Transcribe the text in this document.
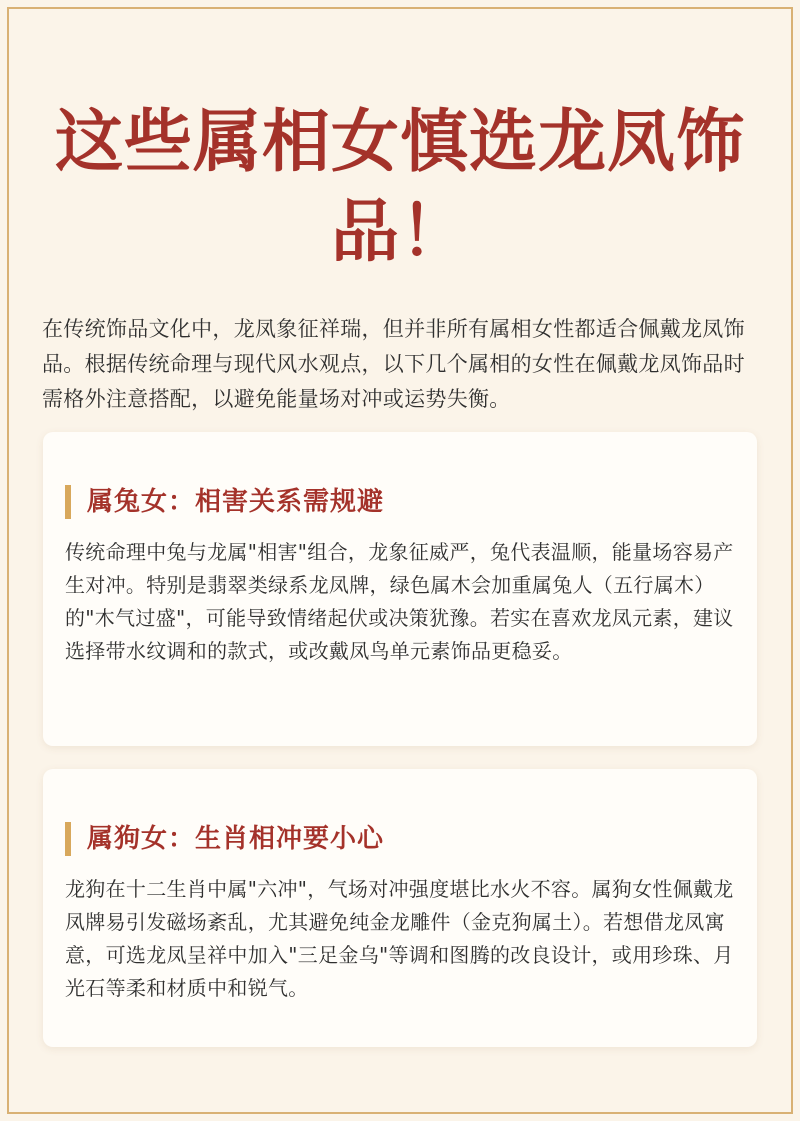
这些属相女慎选龙凤饰品！

在传统饰品文化中，龙凤象征祥瑞，但并非所有属相女性都适合佩戴龙凤饰品。根据传统命理与现代风水观点，以下几个属相的女性在佩戴龙凤饰品时需格外注意搭配，以避免能量场对冲或运势失衡。

属兔女：相害关系需规避

传统命理中兔与龙属"相害"组合，龙象征威严，兔代表温顺，能量场容易产生对冲。特别是翡翠类绿系龙凤牌，绿色属木会加重属兔人（五行属木）的"木气过盛"，可能导致情绪起伏或决策犹豫。若实在喜欢龙凤元素，建议选择带水纹调和的款式，或改戴凤鸟单元素饰品更稳妥。

属狗女：生肖相冲要小心

龙狗在十二生肖中属"六冲"，气场对冲强度堪比水火不容。属狗女性佩戴龙凤牌易引发磁场紊乱，尤其避免纯金龙雕件（金克狗属土）。若想借龙凤寓意，可选龙凤呈祥中加入"三足金乌"等调和图腾的改良设计，或用珍珠、月光石等柔和材质中和锐气。
